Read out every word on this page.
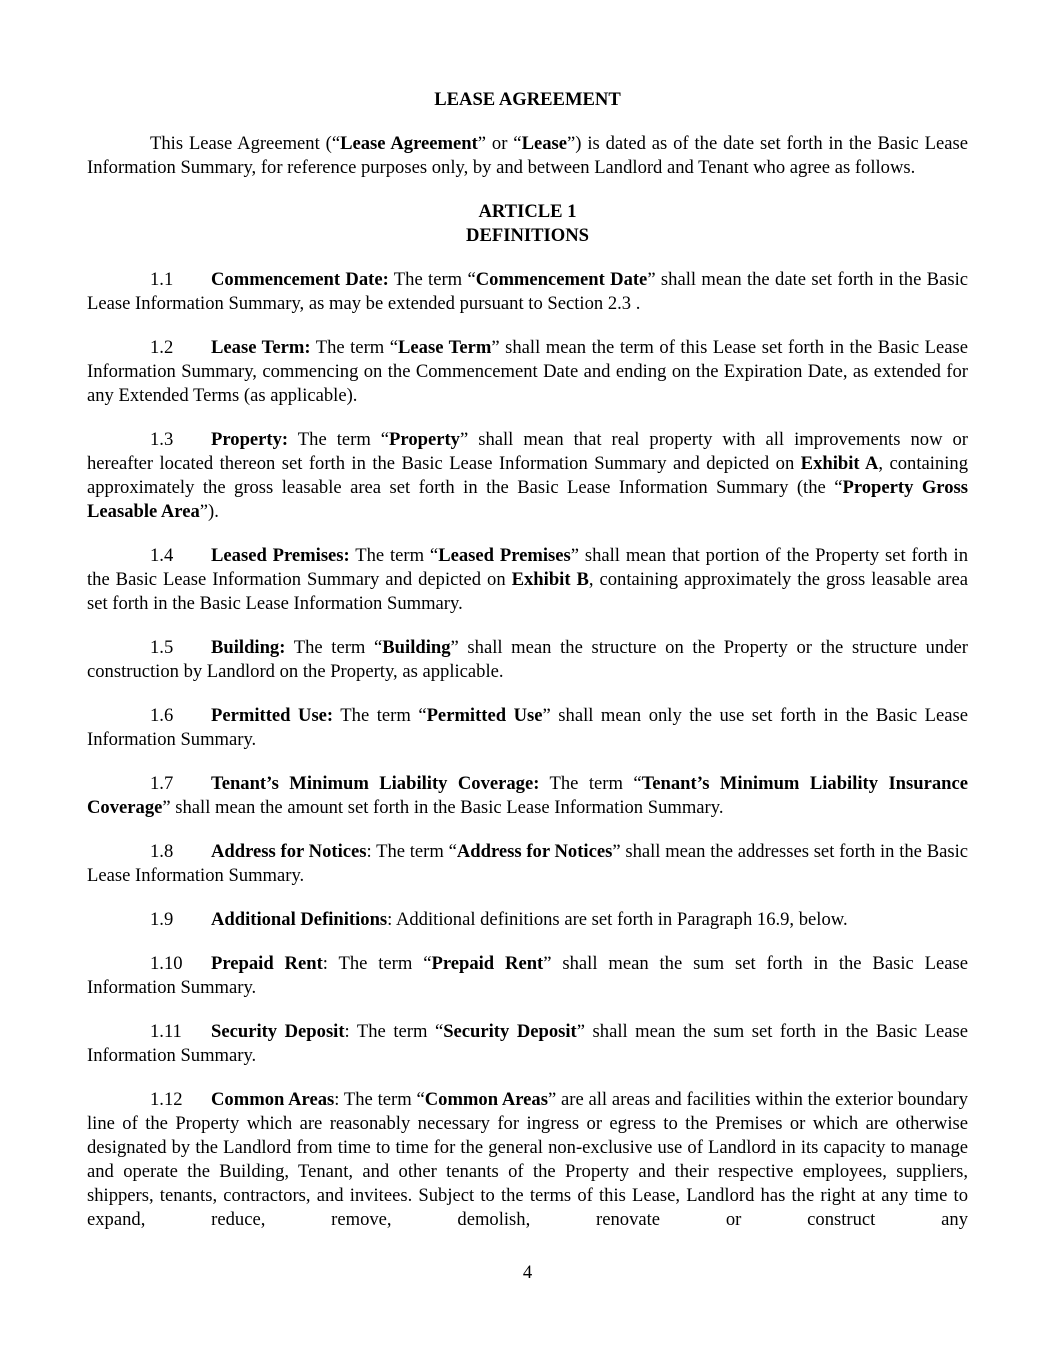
LEASE AGREEMENT

This Lease Agreement (“Lease Agreement” or “Lease”) is dated as of the date set forth in the Basic Lease Information Summary, for reference purposes only, by and between Landlord and Tenant who agree as follows.

ARTICLE 1
DEFINITIONS

1.1 Commencement Date: The term “Commencement Date” shall mean the date set forth in the Basic Lease Information Summary, as may be extended pursuant to Section 2.3 .

1.2 Lease Term: The term “Lease Term” shall mean the term of this Lease set forth in the Basic Lease Information Summary, commencing on the Commencement Date and ending on the Expiration Date, as extended for any Extended Terms (as applicable).

1.3 Property: The term “Property” shall mean that real property with all improvements now or hereafter located thereon set forth in the Basic Lease Information Summary and depicted on Exhibit A, containing approximately the gross leasable area set forth in the Basic Lease Information Summary (the “Property Gross Leasable Area”).

1.4 Leased Premises: The term “Leased Premises” shall mean that portion of the Property set forth in the Basic Lease Information Summary and depicted on Exhibit B, containing approximately the gross leasable area set forth in the Basic Lease Information Summary.

1.5 Building: The term “Building” shall mean the structure on the Property or the structure under construction by Landlord on the Property, as applicable.

1.6 Permitted Use: The term “Permitted Use” shall mean only the use set forth in the Basic Lease Information Summary.

1.7 Tenant’s Minimum Liability Coverage: The term “Tenant’s Minimum Liability Insurance Coverage” shall mean the amount set forth in the Basic Lease Information Summary.

1.8 Address for Notices: The term “Address for Notices” shall mean the addresses set forth in the Basic Lease Information Summary.

1.9 Additional Definitions: Additional definitions are set forth in Paragraph 16.9, below.

1.10 Prepaid Rent: The term “Prepaid Rent” shall mean the sum set forth in the Basic Lease Information Summary.

1.11 Security Deposit: The term “Security Deposit” shall mean the sum set forth in the Basic Lease Information Summary.

1.12 Common Areas: The term “Common Areas” are all areas and facilities within the exterior boundary line of the Property which are reasonably necessary for ingress or egress to the Premises or which are otherwise designated by the Landlord from time to time for the general non-exclusive use of Landlord in its capacity to manage and operate the Building, Tenant, and other tenants of the Property and their respective employees, suppliers, shippers, tenants, contractors, and invitees. Subject to the terms of this Lease, Landlord has the right at any time to expand, reduce, remove, demolish, renovate or construct any

4
